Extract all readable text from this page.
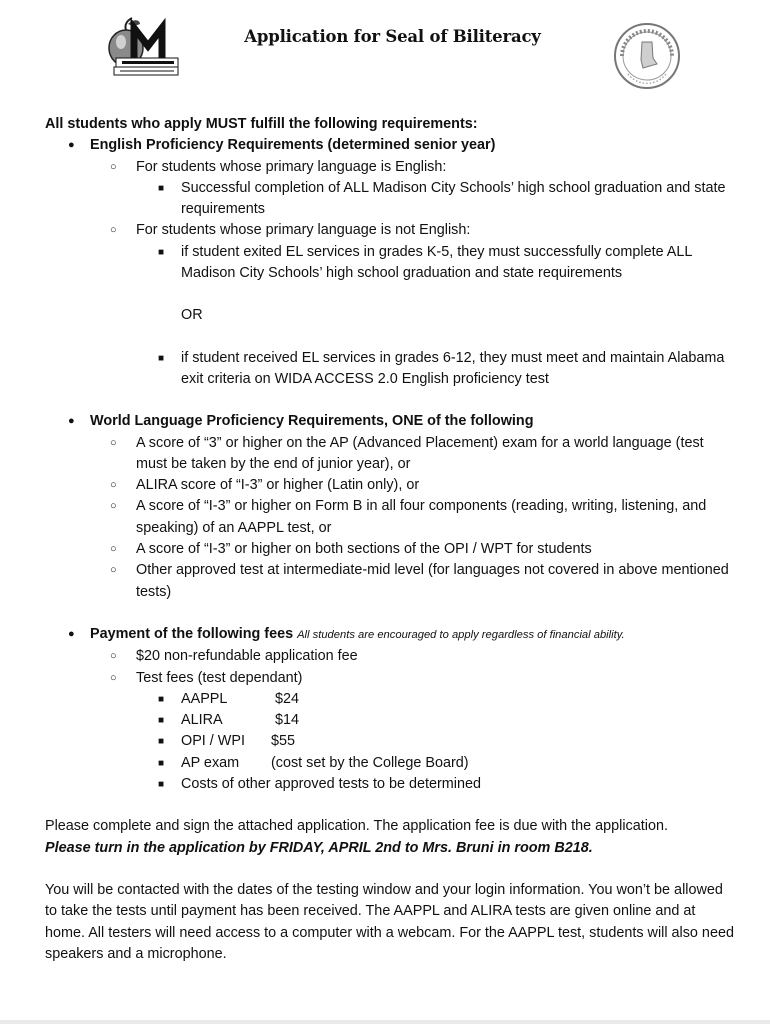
Application for Seal of Biliteracy

All students who apply MUST fulfill the following requirements:

● English Proficiency Requirements (determined senior year)
○ For students whose primary language is English:
■ Successful completion of ALL Madison City Schools’ high school graduation and state requirements
○ For students whose primary language is not English:
■ if student exited EL services in grades K-5, they must successfully complete ALL Madison City Schools’ high school graduation and state requirements
OR
■ if student received EL services in grades 6-12, they must meet and maintain Alabama exit criteria on WIDA ACCESS 2.0 English proficiency test
● World Language Proficiency Requirements, ONE of the following
○ A score of “3” or higher on the AP (Advanced Placement) exam for a world language (test must be taken by the end of junior year), or
○ ALIRA score of “I-3” or higher (Latin only), or
○ A score of “I-3” or higher on Form B in all four components (reading, writing, listening, and speaking) of an AAPPL test, or
○ A score of “I-3” or higher on both sections of the OPI / WPT for students
○ Other approved test at intermediate-mid level (for languages not covered in above mentioned tests)
● Payment of the following fees All students are encouraged to apply regardless of financial ability.
○ $20 non-refundable application fee
○ Test fees (test dependant)
■ AAPPL	$24
■ ALIRA	$14
■ OPI / WPI $55
■ AP exam (cost set by the College Board)
■ Costs of other approved tests to be determined

Please complete and sign the attached application. The application fee is due with the application.

Please turn in the application by FRIDAY, APRIL 2nd to Mrs. Bruni in room B218.

You will be contacted with the dates of the testing window and your login information. You won’t be allowed to take the tests until payment has been received. The AAPPL and ALIRA tests are given online and at home. All testers will need access to a computer with a webcam. For the AAPPL test, students will also need speakers and a microphone.
